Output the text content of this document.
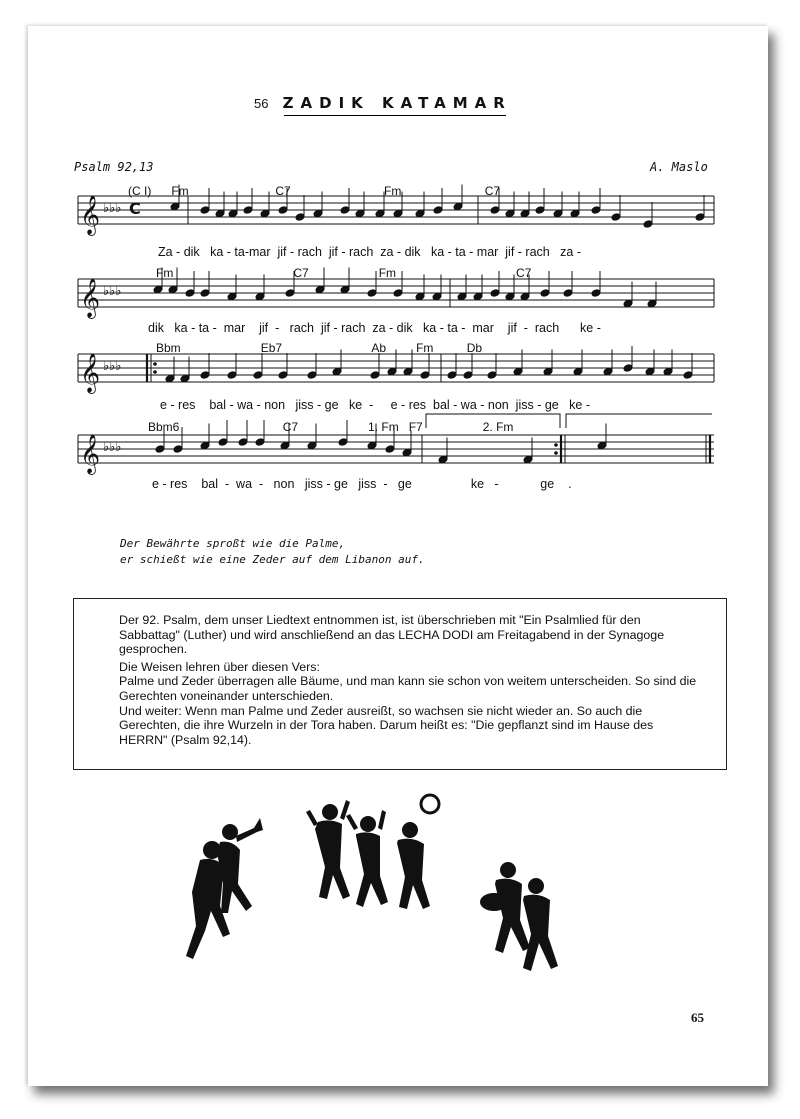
56 ZADIK KATAMAR
Psalm 92,13	A. Maslo
𝄞
𝄞
𝄞
𝄞
♭♭♭
♭♭♭
♭♭♭
♭♭♭
C
(C I)      Fm                          C7                            Fm                         C7
Fm                                    C7                     Fm                                    C7
Bbm                        Eb7                           Ab         Fm          Db
Bbm6                               C7                     1. Fm   F7                  2. Fm
Za - dik   ka - ta-mar  jif - rach  jif - rach  za - dik   ka - ta - mar  jif - rach   za -
dik   ka - ta -  mar    jif  -   rach  jif - rach  za - dik   ka - ta -  mar    jif  -  rach      ke -
e - res    bal - wa - non   jiss - ge   ke  -     e - res  bal - wa - non  jiss - ge   ke -
e - res    bal  -  wa  -   non   jiss - ge   jiss  -   ge                 ke   -            ge    .
Der Bewährte sproßt wie die Palme,
er schießt wie eine Zeder auf dem Libanon auf.

Der 92. Psalm, dem unser Liedtext entnommen ist, ist überschrieben mit "Ein Psalmlied für den Sabbattag" (Luther) und wird anschließend an das LECHA DODI am Freitagabend in der Synagoge gesprochen.

Die Weisen lehren über diesen Vers:

Palme und Zeder überragen alle Bäume, und man kann sie schon von weitem unterscheiden. So sind die Gerechten voneinander unterschieden.

Und weiter: Wenn man Palme und Zeder ausreißt, so wachsen sie nicht wieder an. So auch die Gerechten, die ihre Wurzeln in der Tora haben. Darum heißt es: "Die gepflanzt sind im Hause des HERRN" (Psalm 92,14).

65
